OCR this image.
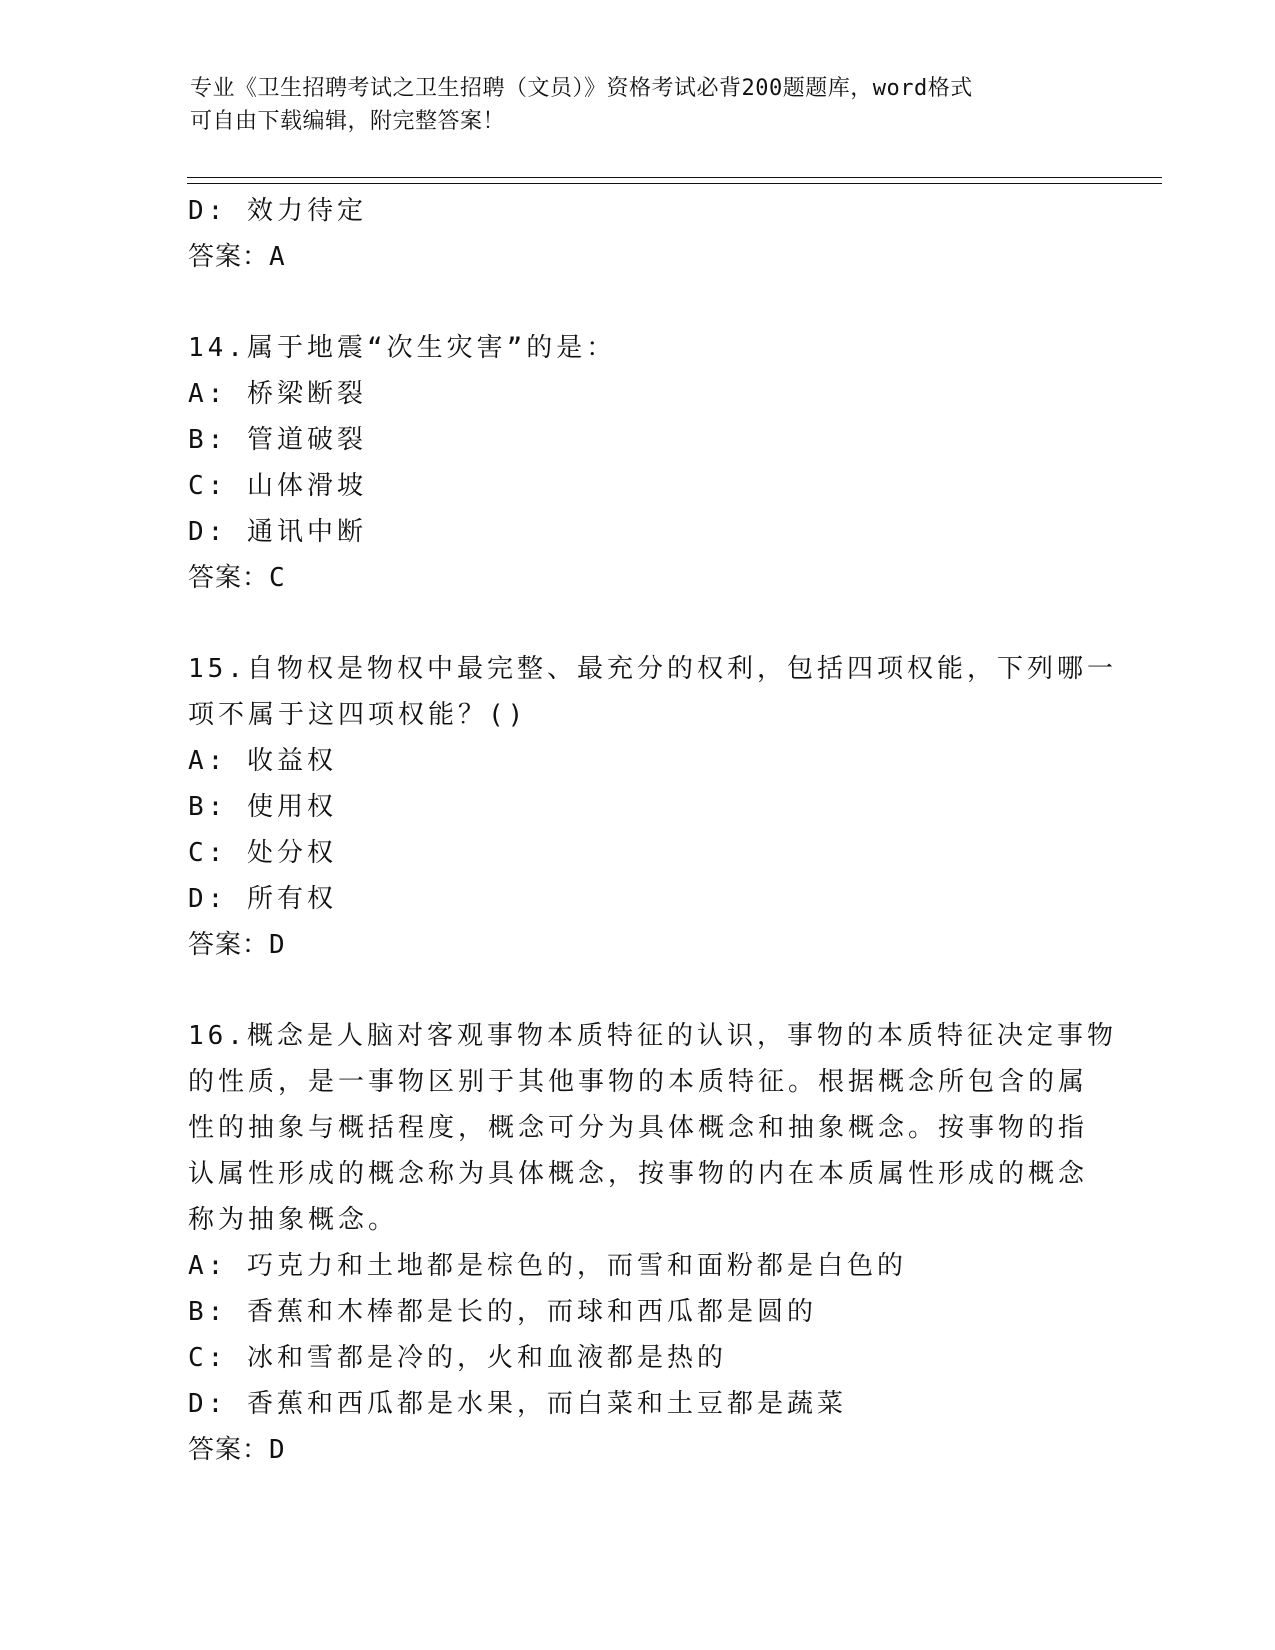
专业《卫生招聘考试之卫生招聘（文员）》资格考试必背200题题库，word格式
可自由下载编辑，附完整答案！
D: 效力待定
答案：A
14.属于地震“次生灾害”的是：
A: 桥梁断裂
B: 管道破裂
C: 山体滑坡
D: 通讯中断
答案：C
15.自物权是物权中最完整、最充分的权利，包括四项权能，下列哪一
项不属于这四项权能？()
A: 收益权
B: 使用权
C: 处分权
D: 所有权
答案：D
16.概念是人脑对客观事物本质特征的认识，事物的本质特征决定事物
的性质，是一事物区别于其他事物的本质特征。根据概念所包含的属
性的抽象与概括程度，概念可分为具体概念和抽象概念。按事物的指
认属性形成的概念称为具体概念，按事物的内在本质属性形成的概念
称为抽象概念。
A: 巧克力和土地都是棕色的，而雪和面粉都是白色的
B: 香蕉和木棒都是长的，而球和西瓜都是圆的
C: 冰和雪都是冷的，火和血液都是热的
D: 香蕉和西瓜都是水果，而白菜和土豆都是蔬菜
答案：D
